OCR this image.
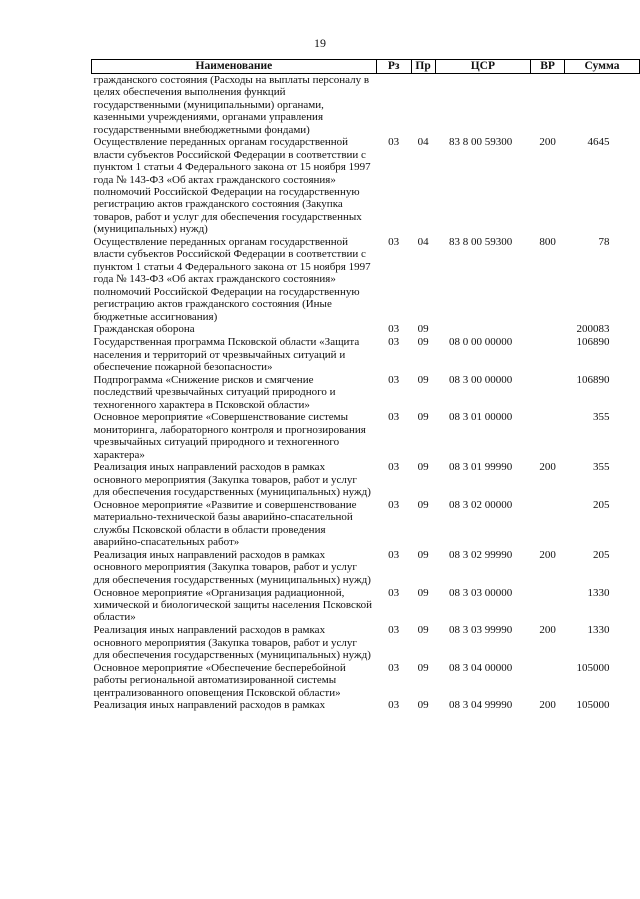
19
Наименование	Рз	Пр	ЦСР	ВР	Сумма
гражданского состояния (Расходы на выплаты персоналу в целях обеспечения выполнения функций государственными (муниципальными) органами, казенными учреждениями, органами управления государственными внебюджетными фондами)					
Осуществление переданных органам государственной власти субъектов Российской Федерации в соответствии с пунктом 1 статьи 4 Федерального закона от 15 ноября 1997 года № 143-ФЗ «Об актах гражданского состояния» полномочий Российской Федерации на государственную регистрацию актов гражданского состояния (Закупка товаров, работ и услуг для обеспечения государственных (муниципальных) нужд)	03	04	83 8 00 59300	200	4645
Осуществление переданных органам государственной власти субъектов Российской Федерации в соответствии с пунктом 1 статьи 4 Федерального закона от 15 ноября 1997 года № 143-ФЗ «Об актах гражданского состояния» полномочий Российской Федерации на государственную регистрацию актов гражданского состояния (Иные бюджетные ассигнования)	03	04	83 8 00 59300	800	78
Гражданская оборона	03	09			200083
Государственная программа Псковской области «Защита населения и территорий от чрезвычайных ситуаций и обеспечение пожарной безопасности»	03	09	08 0 00 00000		106890
Подпрограмма «Снижение рисков и смягчение последствий чрезвычайных ситуаций природного и техногенного характера в Псковской области»	03	09	08 3 00 00000		106890
Основное мероприятие «Совершенствование системы мониторинга, лабораторного контроля и прогнозирования чрезвычайных ситуаций природного и техногенного характера»	03	09	08 3 01 00000		355
Реализация иных направлений расходов в рамках основного мероприятия (Закупка товаров, работ и услуг для обеспечения государственных (муниципальных) нужд)	03	09	08 3 01 99990	200	355
Основное мероприятие «Развитие и совершенствование материально-технической базы аварийно-спасательной службы Псковской области в области проведения аварийно-спасательных работ»	03	09	08 3 02 00000		205
Реализация иных направлений расходов в рамках основного мероприятия (Закупка товаров, работ и услуг для обеспечения государственных (муниципальных) нужд)	03	09	08 3 02 99990	200	205
Основное мероприятие «Организация радиационной, химической и биологической защиты населения Псковской области»	03	09	08 3 03 00000		1330
Реализация иных направлений расходов в рамках основного мероприятия (Закупка товаров, работ и услуг для обеспечения государственных (муниципальных) нужд)	03	09	08 3 03 99990	200	1330
Основное мероприятие «Обеспечение бесперебойной работы региональной автоматизированной системы централизованного оповещения Псковской области»	03	09	08 3 04 00000		105000
Реализация иных направлений расходов в рамках	03	09	08 3 04 99990	200	105000
